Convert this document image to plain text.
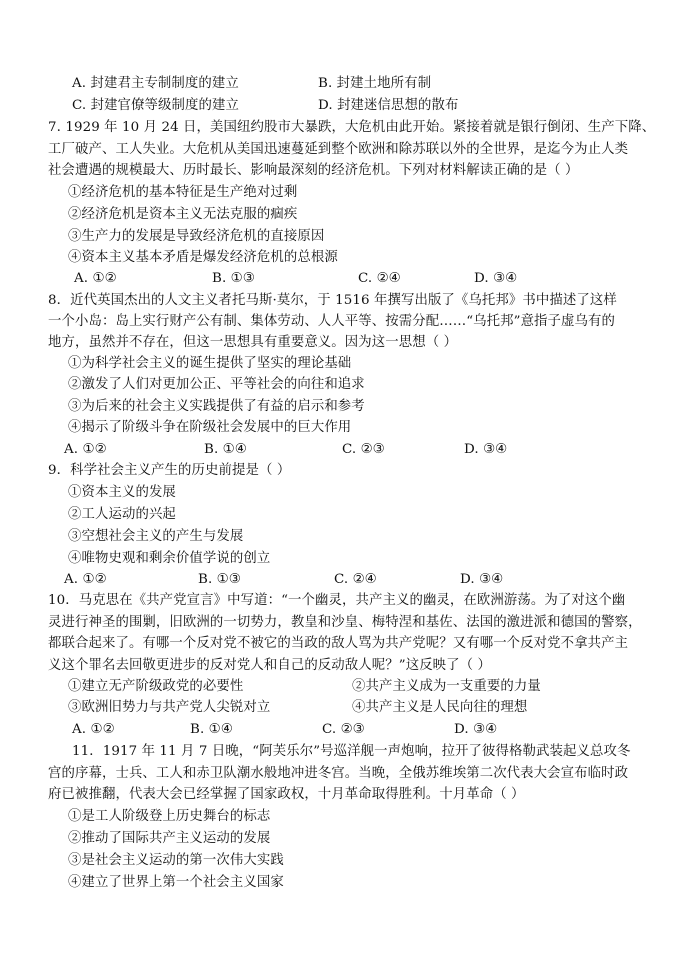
A. 封建君主专制制度的建立	B. 封建土地所有制
C. 封建官僚等级制度的建立	D. 封建迷信思想的散布
7. 1929 年 10 月 24 日，美国纽约股市大暴跌，大危机由此开始。紧接着就是银行倒闭、生产下降、
工厂破产、工人失业。大危机从美国迅速蔓延到整个欧洲和除苏联以外的全世界，是迄今为止人类
社会遭遇的规模最大、历时最长、影响最深刻的经济危机。下列对材料解读正确的是（ ）
①经济危机的基本特征是生产绝对过剩
②经济危机是资本主义无法克服的痼疾
③生产力的发展是导致经济危机的直接原因
④资本主义基本矛盾是爆发经济危机的总根源
A. ①②	B. ①③	C. ②④	D. ③④
8．近代英国杰出的人文主义者托马斯·莫尔，于 1516 年撰写出版了《乌托邦》书中描述了这样
一个小岛：岛上实行财产公有制、集体劳动、人人平等、按需分配……“乌托邦”意指子虚乌有的
地方，虽然并不存在，但这一思想具有重要意义。因为这一思想（ ）
①为科学社会主义的诞生提供了坚实的理论基础
②激发了人们对更加公正、平等社会的向往和追求
③为后来的社会主义实践提供了有益的启示和参考
④揭示了阶级斗争在阶级社会发展中的巨大作用
A. ①②	B. ①④	C. ②③	D. ③④
9．科学社会主义产生的历史前提是（ ）
①资本主义的发展
②工人运动的兴起
③空想社会主义的产生与发展
④唯物史观和剩余价值学说的创立
A. ①②	B. ①③	C. ②④	D. ③④
10．马克思在《共产党宣言》中写道：“一个幽灵，共产主义的幽灵，在欧洲游荡。为了对这个幽
灵进行神圣的围剿，旧欧洲的一切势力，教皇和沙皇、梅特涅和基佐、法国的激进派和德国的警察，
都联合起来了。有哪一个反对党不被它的当政的敌人骂为共产党呢？又有哪一个反对党不拿共产主
义这个罪名去回敬更进步的反对党人和自己的反动敌人呢？”这反映了（ ）
①建立无产阶级政党的必要性	②共产主义成为一支重要的力量
③欧洲旧势力与共产党人尖锐对立	④共产主义是人民向往的理想
A. ①②	B. ①④	C. ②③	D. ③④
11．1917 年 11 月 7 日晚，“阿芙乐尔”号巡洋舰一声炮响，拉开了彼得格勒武装起义总攻冬
宫的序幕，士兵、工人和赤卫队潮水般地冲进冬宫。当晚，全俄苏维埃第二次代表大会宣布临时政
府已被推翻，代表大会已经掌握了国家政权，十月革命取得胜利。十月革命（ ）
①是工人阶级登上历史舞台的标志
②推动了国际共产主义运动的发展
③是社会主义运动的第一次伟大实践
④建立了世界上第一个社会主义国家
